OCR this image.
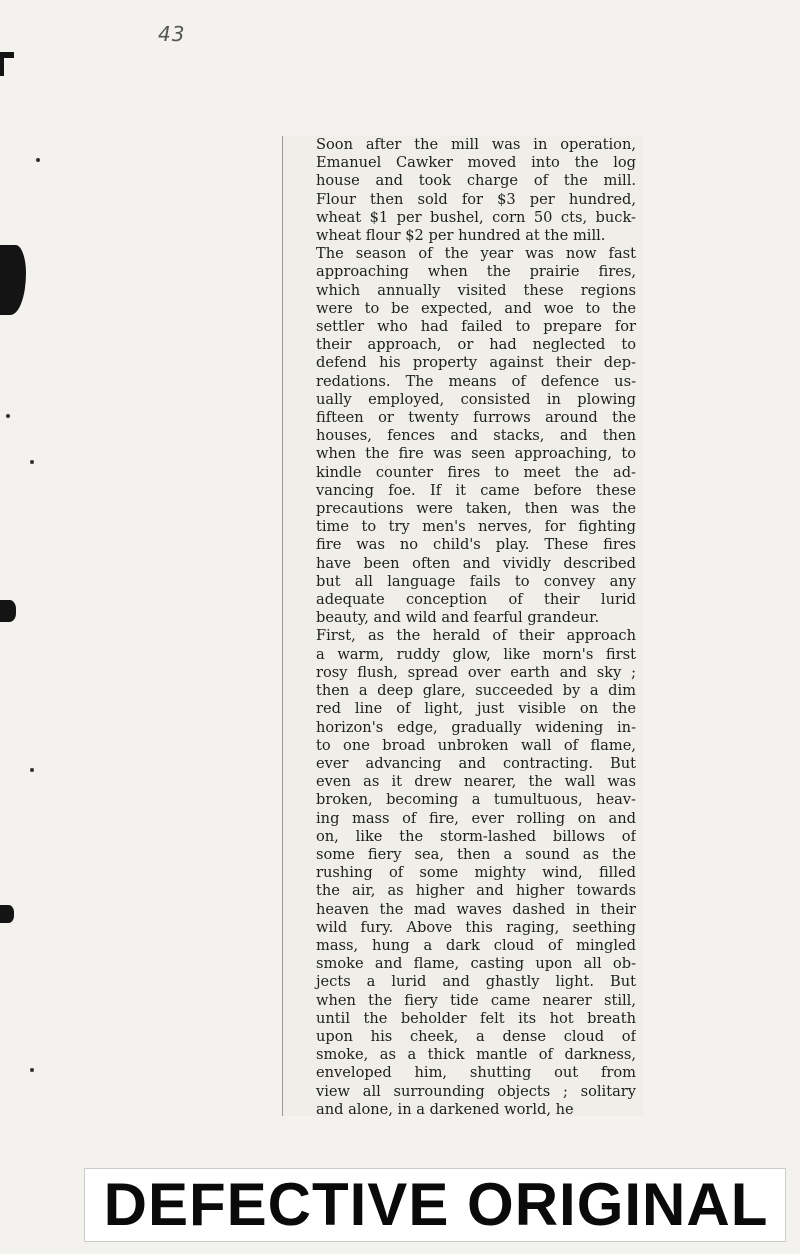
43

Soon after the mill was in operation,
Emanuel Cawker moved into the log
house and took charge of the mill.
Flour then sold for $3 per hundred,
wheat $1 per bushel, corn 50 cts, buck-
wheat flour $2 per hundred at the mill.

The season of the year was now fast
approaching when the prairie fires,
which annually visited these regions
were to be expected, and woe to the
settler who had failed to prepare for
their approach, or had neglected to
defend his property against their dep-
redations. The means of defence us-
ually employed, consisted in plowing
fifteen or twenty furrows around the
houses, fences and stacks, and then
when the fire was seen approaching, to
kindle counter fires to meet the ad-
vancing foe. If it came before these
precautions were taken, then was the
time to try men's nerves, for fighting
fire was no child's play. These fires
have been often and vividly described
but all language fails to convey any
adequate conception of their lurid
beauty, and wild and fearful grandeur.

First, as the herald of their approach
a warm, ruddy glow, like morn's first
rosy flush, spread over earth and sky ;
then a deep glare, succeeded by a dim
red line of light, just visible on the
horizon's edge, gradually widening in-
to one broad unbroken wall of flame,
ever advancing and contracting. But
even as it drew nearer, the wall was
broken, becoming a tumultuous, heav-
ing mass of fire, ever rolling on and
on, like the storm-lashed billows of
some fiery sea, then a sound as the
rushing of some mighty wind, filled
the air, as higher and higher towards
heaven the mad waves dashed in their
wild fury. Above this raging, seething
mass, hung a dark cloud of mingled
smoke and flame, casting upon all ob-
jects a lurid and ghastly light. But
when the fiery tide came nearer still,
until the beholder felt its hot breath
upon his cheek, a dense cloud of
smoke, as a thick mantle of darkness,
enveloped him, shutting out from
view all surrounding objects ; solitary
and alone, in a darkened world, he

DEFECTIVE ORIGINAL
